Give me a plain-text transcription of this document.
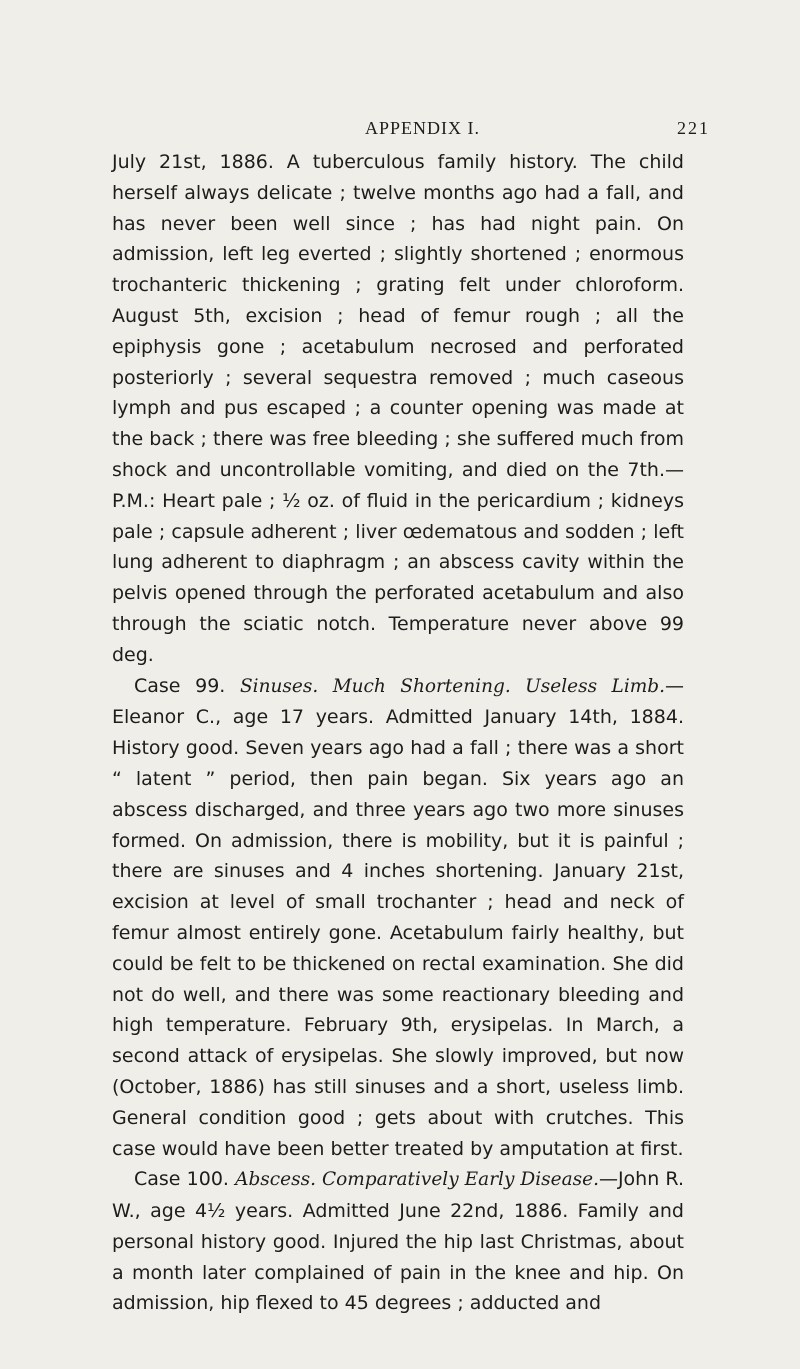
APPENDIX I.	221

July 21st, 1886. A tuberculous family history. The child herself always delicate ; twelve months ago had a fall, and has never been well since ; has had night pain. On admission, left leg everted ; slightly shortened ; enormous trochanteric thickening ; grating felt under chloroform. August 5th, excision ; head of femur rough ; all the epiphysis gone ; acetabulum necrosed and perforated posteriorly ; several sequestra removed ; much caseous lymph and pus escaped ; a counter opening was made at the back ; there was free bleeding ; she suffered much from shock and uncontrollable vomiting, and died on the 7th.—P.M.: Heart pale ; ½ oz. of fluid in the pericardium ; kidneys pale ; capsule adherent ; liver œdematous and sodden ; left lung adherent to diaphragm ; an abscess cavity within the pelvis opened through the perforated acetabulum and also through the sciatic notch. Temperature never above 99 deg.

Case 99. Sinuses. Much Shortening. Useless Limb.—Eleanor C., age 17 years. Admitted January 14th, 1884. History good. Seven years ago had a fall ; there was a short “ latent ” period, then pain began. Six years ago an abscess discharged, and three years ago two more sinuses formed. On admission, there is mobility, but it is painful ; there are sinuses and 4 inches shortening. January 21st, excision at level of small trochanter ; head and neck of femur almost entirely gone. Acetabulum fairly healthy, but could be felt to be thickened on rectal examination. She did not do well, and there was some reactionary bleeding and high temperature. February 9th, erysipelas. In March, a second attack of erysipelas. She slowly improved, but now (October, 1886) has still sinuses and a short, useless limb. General condition good ; gets about with crutches. This case would have been better treated by amputation at first.

Case 100. Abscess. Comparatively Early Disease.—John R. W., age 4½ years. Admitted June 22nd, 1886. Family and personal history good. Injured the hip last Christmas, about a month later complained of pain in the knee and hip. On admission, hip flexed to 45 degrees ; adducted and
